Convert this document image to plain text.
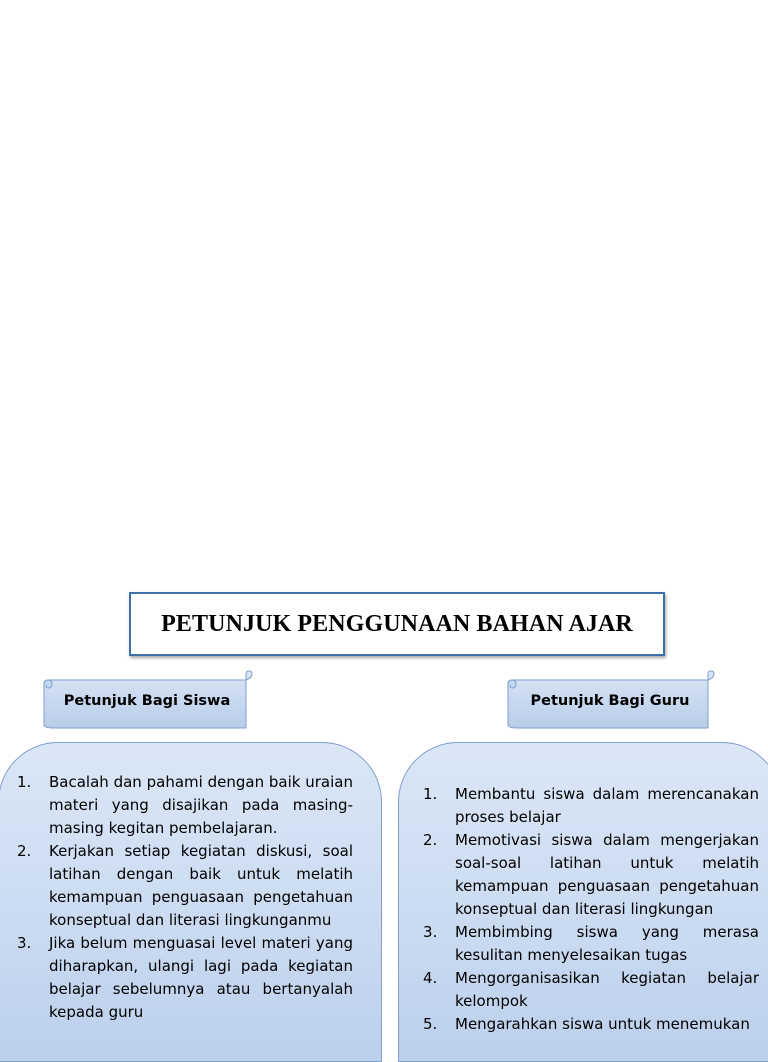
PETUNJUK PENGGUNAAN BAHAN AJAR
Petunjuk Bagi Siswa	Petunjuk Bagi Guru
1. Bacalah dan pahami dengan baik uraian materi yang disajikan pada masing-masing kegitan pembelajaran.
2. Kerjakan setiap kegiatan diskusi, soal latihan dengan baik untuk melatih kemampuan penguasaan pengetahuan konseptual dan literasi lingkunganmu
3. Jika belum menguasai level materi yang diharapkan, ulangi lagi pada kegiatan belajar sebelumnya atau bertanyalah kepada guru
1. Membantu siswa dalam merencanakan proses belajar
2. Memotivasi siswa dalam mengerjakan soal-soal latihan untuk melatih kemampuan penguasaan pengetahuan konseptual dan literasi lingkungan
3. Membimbing siswa yang merasa kesulitan menyelesaikan tugas
4. Mengorganisasikan kegiatan belajar kelompok
5. Mengarahkan siswa untuk menemukan
